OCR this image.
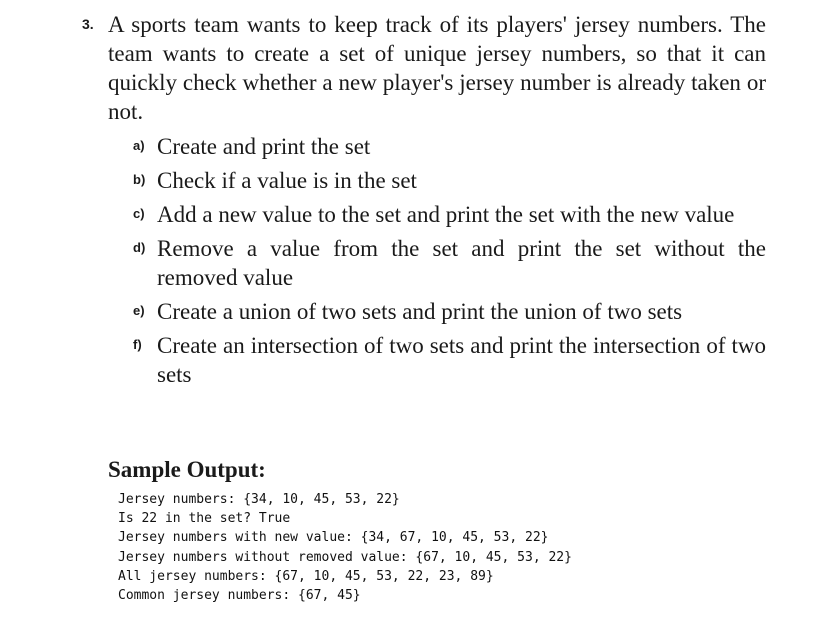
3. A sports team wants to keep track of its players' jersey numbers. The team wants to create a set of unique jersey numbers, so that it can quickly check whether a new player's jersey number is already taken or not.
a) Create and print the set
b) Check if a value is in the set
c) Add a new value to the set and print the set with the new value
d) Remove a value from the set and print the set without the removed value
e) Create a union of two sets and print the union of two sets
f) Create an intersection of two sets and print the intersection of two sets
Sample Output:
Jersey numbers: {34, 10, 45, 53, 22}
Is 22 in the set? True
Jersey numbers with new value: {34, 67, 10, 45, 53, 22}
Jersey numbers without removed value: {67, 10, 45, 53, 22}
All jersey numbers: {67, 10, 45, 53, 22, 23, 89}
Common jersey numbers: {67, 45}
